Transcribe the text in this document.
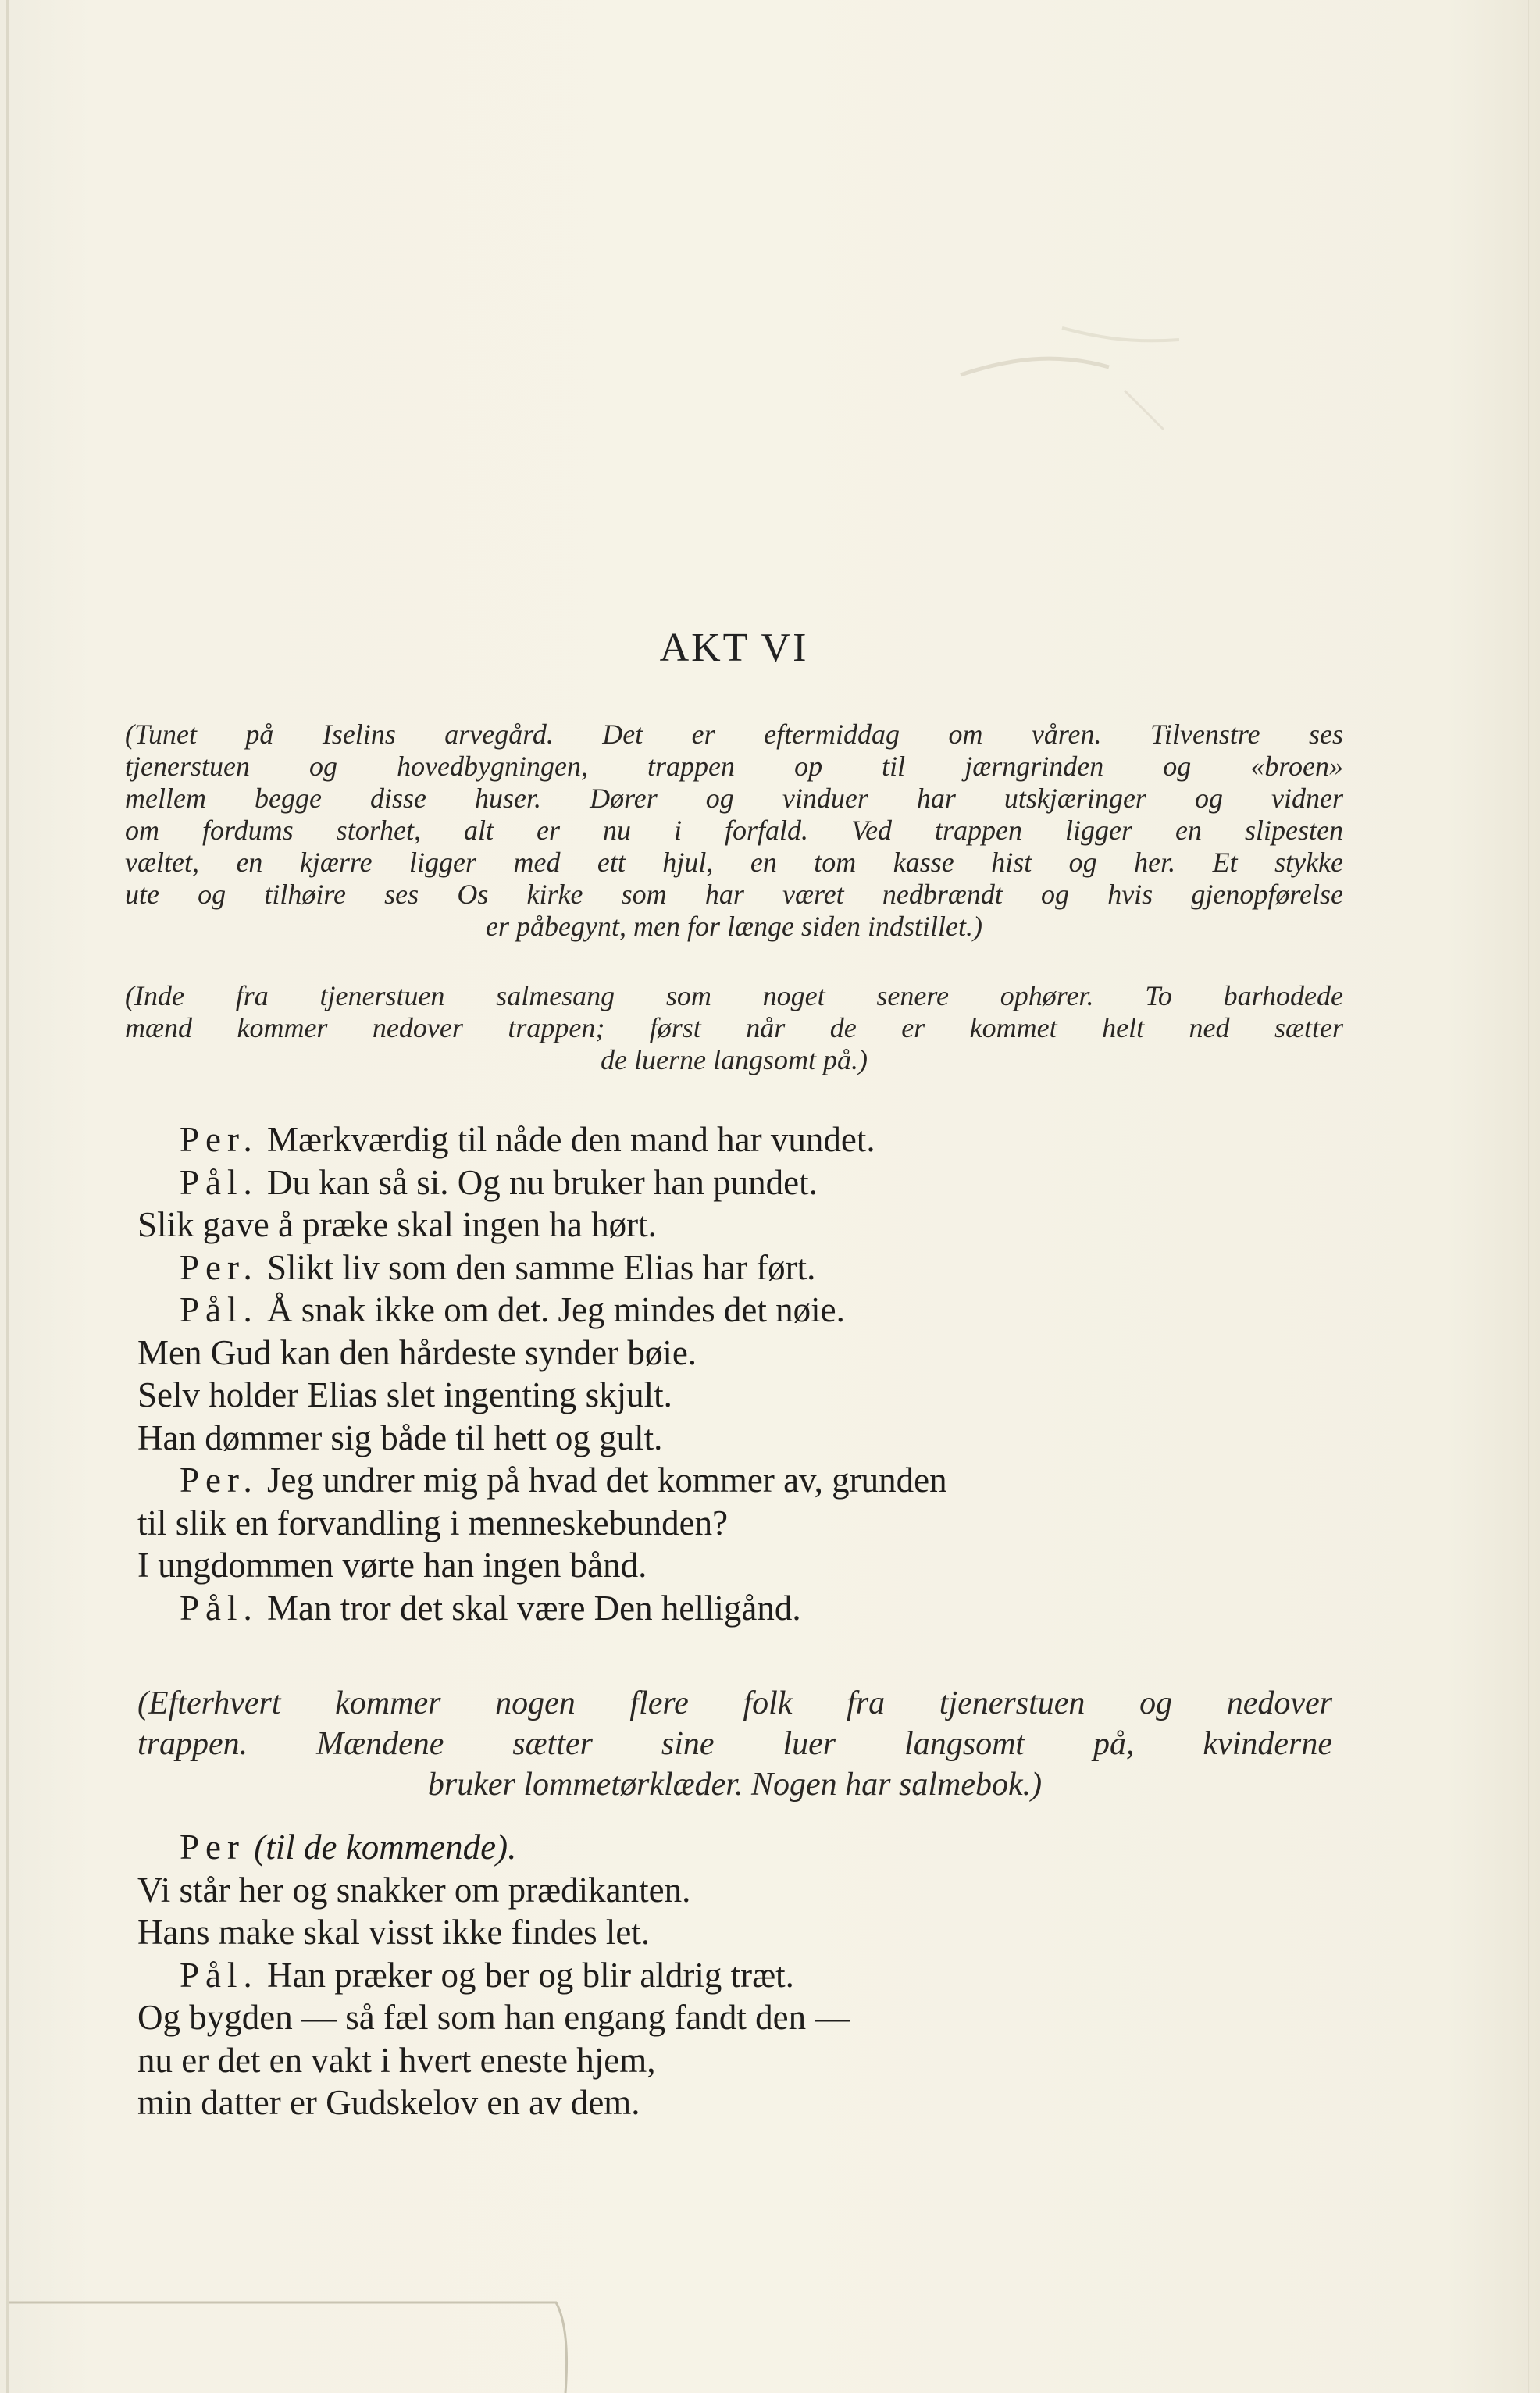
AKT VI
(Tunet på Iselins arvegård. Det er eftermiddag om våren. Tilvenstre ses
tjenerstuen og hovedbygningen, trappen op til jærngrinden og «broen»
mellem begge disse huser. Dører og vinduer har utskjæringer og vidner
om fordums storhet, alt er nu i forfald. Ved trappen ligger en slipesten
væltet, en kjærre ligger med ett hjul, en tom kasse hist og her. Et stykke
ute og tilhøire ses Os kirke som har været nedbrændt og hvis gjenopførelse
er påbegynt, men for længe siden indstillet.)
(Inde fra tjenerstuen salmesang som noget senere ophører. To barhodede
mænd kommer nedover trappen; først når de er kommet helt ned sætter
de luerne langsomt på.)
Per. Mærkværdig til nåde den mand har vundet.
Pål. Du kan så si. Og nu bruker han pundet.
Slik gave å præke skal ingen ha hørt.
Per. Slikt liv som den samme Elias har ført.
Pål. Å snak ikke om det. Jeg mindes det nøie.
Men Gud kan den hårdeste synder bøie.
Selv holder Elias slet ingenting skjult.
Han dømmer sig både til hett og gult.
Per. Jeg undrer mig på hvad det kommer av, grunden
til slik en forvandling i menneskebunden?
I ungdommen vørte han ingen bånd.
Pål. Man tror det skal være Den helligånd.
(Efterhvert kommer nogen flere folk fra tjenerstuen og nedover
trappen. Mændene sætter sine luer langsomt på, kvinderne
bruker lommetørklæder. Nogen har salmebok.)
Per (til de kommende).
Vi står her og snakker om prædikanten.
Hans make skal visst ikke findes let.
Pål. Han præker og ber og blir aldrig træt.
Og bygden — så fæl som han engang fandt den —
nu er det en vakt i hvert eneste hjem,
min datter er Gudskelov en av dem.
